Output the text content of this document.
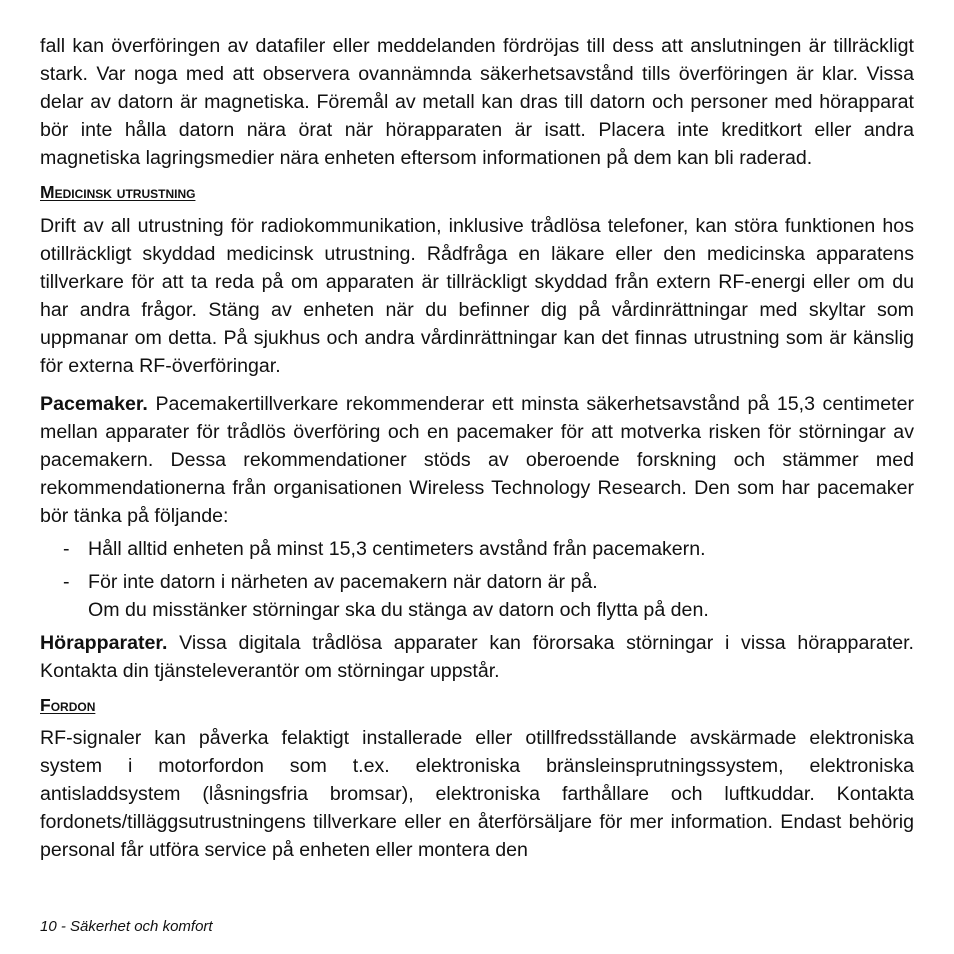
fall kan överföringen av datafiler eller meddelanden fördröjas till dess att anslutningen är tillräckligt stark. Var noga med att observera ovannämnda säkerhetsavstånd tills överföringen är klar. Vissa delar av datorn är magnetiska. Föremål av metall kan dras till datorn och personer med hörapparat bör inte hålla datorn nära örat när hörapparaten är isatt. Placera inte kreditkort eller andra magnetiska lagringsmedier nära enheten eftersom informationen på dem kan bli raderad.

Medicinsk utrustning

Drift av all utrustning för radiokommunikation, inklusive trådlösa telefoner, kan störa funktionen hos otillräckligt skyddad medicinsk utrustning. Rådfråga en läkare eller den medicinska apparatens tillverkare för att ta reda på om apparaten är tillräckligt skyddad från extern RF-energi eller om du har andra frågor. Stäng av enheten när du befinner dig på vårdinrättningar med skyltar som uppmanar om detta. På sjukhus och andra vårdinrättningar kan det finnas utrustning som är känslig för externa RF-överföringar.

Pacemaker. Pacemakertillverkare rekommenderar ett minsta säkerhetsavstånd på 15,3 centimeter mellan apparater för trådlös överföring och en pacemaker för att motverka risken för störningar av pacemakern. Dessa rekommendationer stöds av oberoende forskning och stämmer med rekommendationerna från organisationen Wireless Technology Research. Den som har pacemaker bör tänka på följande:

- Håll alltid enheten på minst 15,3 centimeters avstånd från pacemakern.
- För inte datorn i närheten av pacemakern när datorn är på.
Om du misstänker störningar ska du stänga av datorn och flytta på den.

Hörapparater. Vissa digitala trådlösa apparater kan förorsaka störningar i vissa hörapparater. Kontakta din tjänsteleverantör om störningar uppstår.

Fordon

RF-signaler kan påverka felaktigt installerade eller otillfredsställande avskärmade elektroniska system i motorfordon som t.ex. elektroniska bränsleinsprutningssystem, elektroniska antisladdsystem (låsningsfria bromsar), elektroniska farthållare och luftkuddar. Kontakta fordonets/tilläggsutrustningens tillverkare eller en återförsäljare för mer information. Endast behörig personal får utföra service på enheten eller montera den

10 - Säkerhet och komfort
